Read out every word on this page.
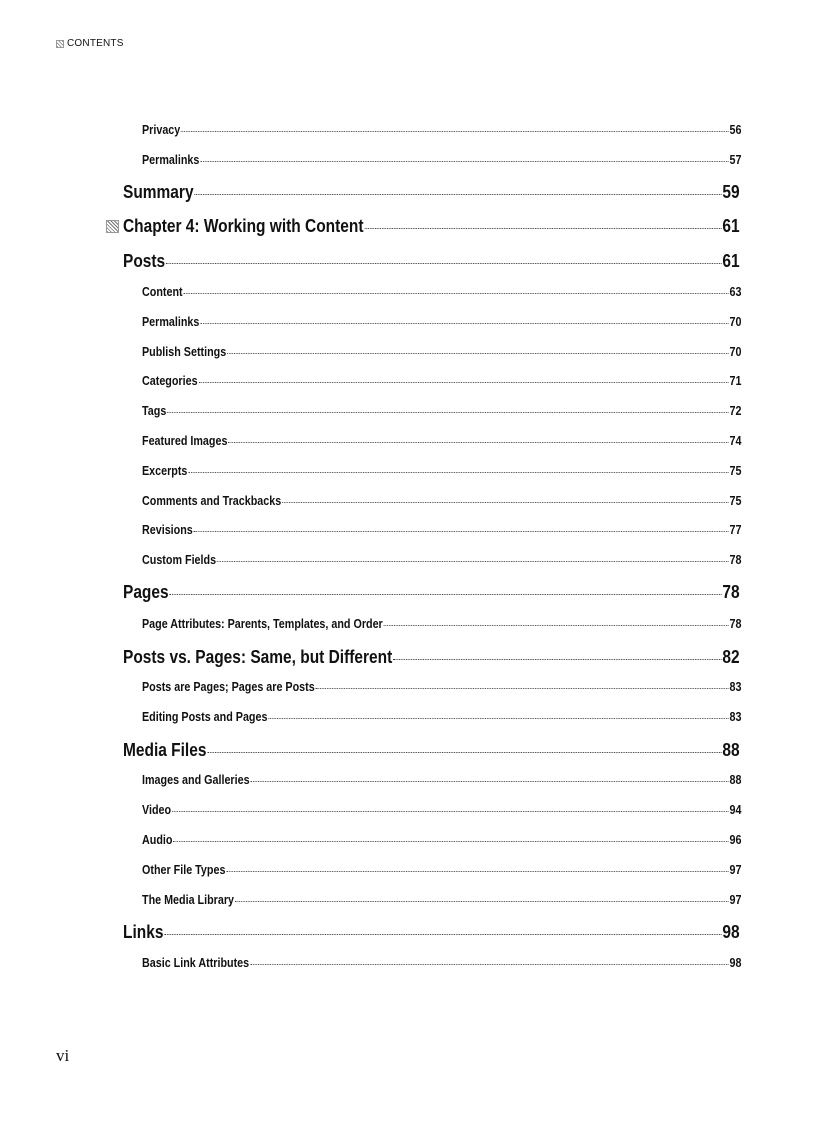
CONTENTS
Privacy	56
Permalinks	57
Summary	59
Chapter 4: Working with Content	61
Posts	61
Content	63
Permalinks	70
Publish Settings	70
Categories	71
Tags	72
Featured Images	74
Excerpts	75
Comments and Trackbacks	75
Revisions	77
Custom Fields	78
Pages	78
Page Attributes: Parents, Templates, and Order	78
Posts vs. Pages: Same, but Different	82
Posts are Pages; Pages are Posts	83
Editing Posts and Pages	83
Media Files	88
Images and Galleries	88
Video	94
Audio	96
Other File Types	97
The Media Library	97
Links	98
Basic Link Attributes	98
vi
